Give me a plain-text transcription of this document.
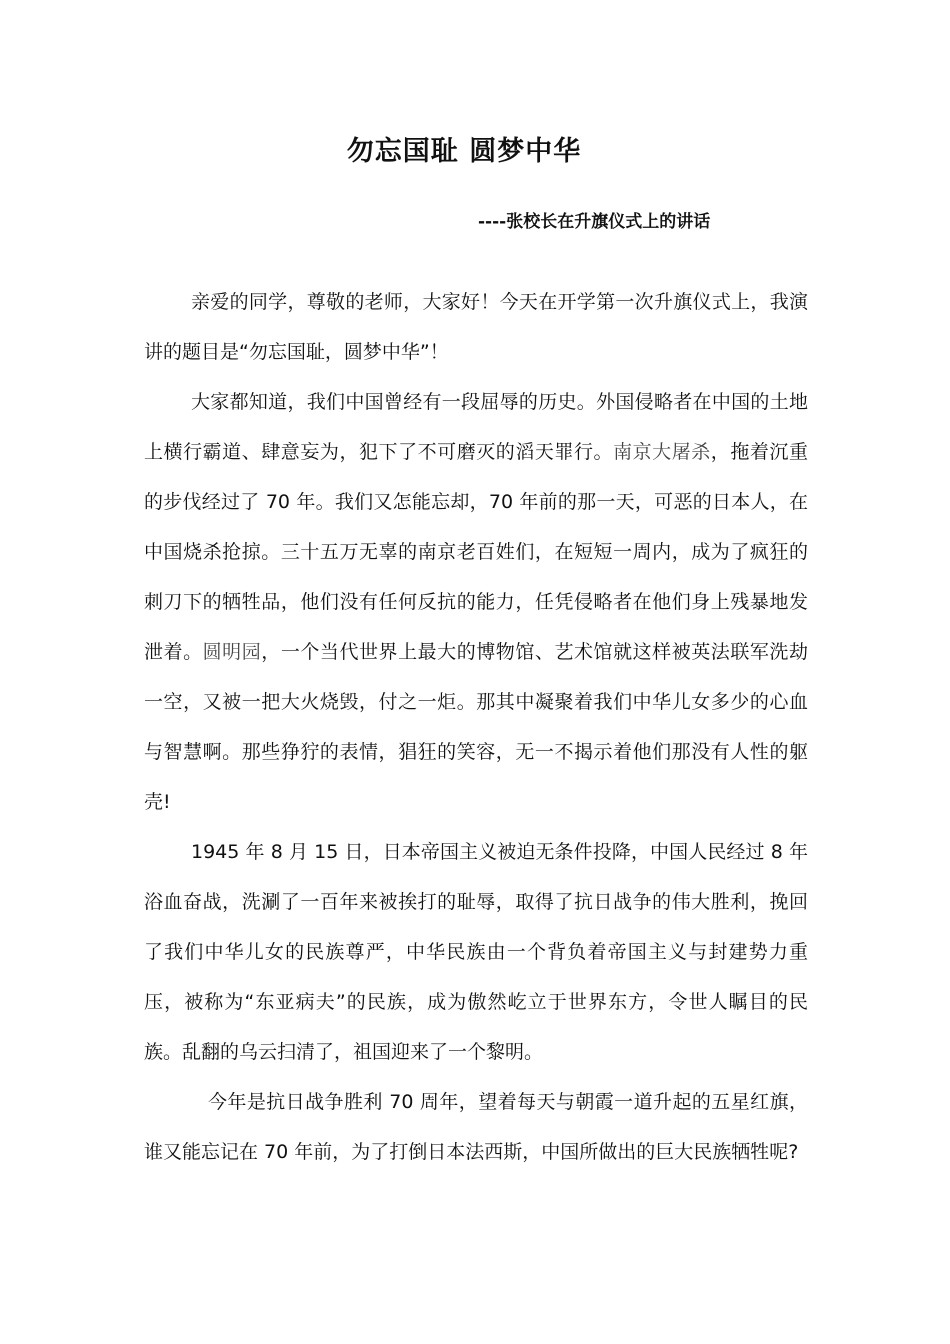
勿忘国耻 圆梦中华
----张校长在升旗仪式上的讲话

亲爱的同学，尊敬的老师，大家好！今天在开学第一次升旗仪式上，我演讲的题目是“勿忘国耻，圆梦中华”！

大家都知道，我们中国曾经有一段屈辱的历史。外国侵略者在中国的土地上横行霸道、肆意妄为，犯下了不可磨灭的滔天罪行。南京大屠杀，拖着沉重的步伐经过了 70 年。我们又怎能忘却，70 年前的那一天，可恶的日本人，在中国烧杀抢掠。三十五万无辜的南京老百姓们，在短短一周内，成为了疯狂的刺刀下的牺牲品，他们没有任何反抗的能力，任凭侵略者在他们身上残暴地发泄着。圆明园，一个当代世界上最大的博物馆、艺术馆就这样被英法联军洗劫一空，又被一把大火烧毁，付之一炬。那其中凝聚着我们中华儿女多少的心血与智慧啊。那些狰狞的表情，猖狂的笑容，无一不揭示着他们那没有人性的躯壳!

1945 年 8 月 15 日，日本帝国主义被迫无条件投降，中国人民经过 8 年浴血奋战，洗涮了一百年来被挨打的耻辱，取得了抗日战争的伟大胜利，挽回了我们中华儿女的民族尊严，中华民族由一个背负着帝国主义与封建势力重压，被称为“东亚病夫”的民族，成为傲然屹立于世界东方，令世人瞩目的民族。乱翻的乌云扫清了，祖国迎来了一个黎明。

今年是抗日战争胜利 70 周年，望着每天与朝霞一道升起的五星红旗，谁又能忘记在 70 年前，为了打倒日本法西斯，中国所做出的巨大民族牺牲呢?
